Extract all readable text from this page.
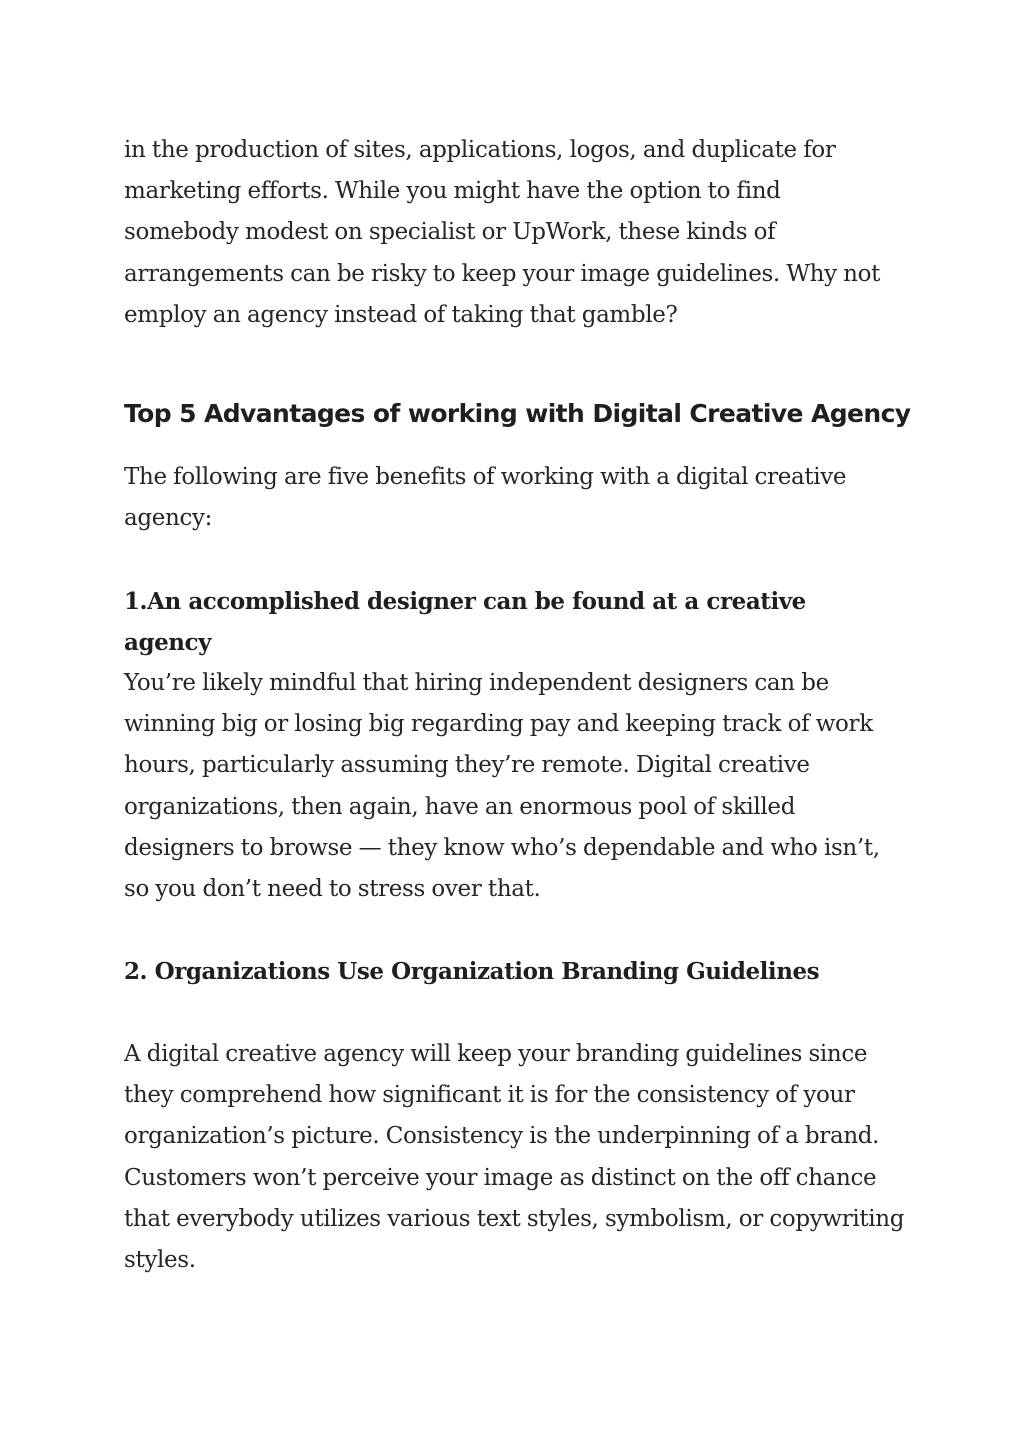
in the production of sites, applications, logos, and duplicate for
marketing efforts. While you might have the option to find
somebody modest on specialist or UpWork, these kinds of
arrangements can be risky to keep your image guidelines. Why not
employ an agency instead of taking that gamble?

Top 5 Advantages of working with Digital Creative Agency

The following are five benefits of working with a digital creative
agency:

1.An accomplished designer can be found at a creative
agency

You’re likely mindful that hiring independent designers can be
winning big or losing big regarding pay and keeping track of work
hours, particularly assuming they’re remote. Digital creative
organizations, then again, have an enormous pool of skilled
designers to browse — they know who’s dependable and who isn’t,
so you don’t need to stress over that.

2. Organizations Use Organization Branding Guidelines

A digital creative agency will keep your branding guidelines since
they comprehend how significant it is for the consistency of your
organization’s picture. Consistency is the underpinning of a brand.
Customers won’t perceive your image as distinct on the off chance
that everybody utilizes various text styles, symbolism, or copywriting
styles.
